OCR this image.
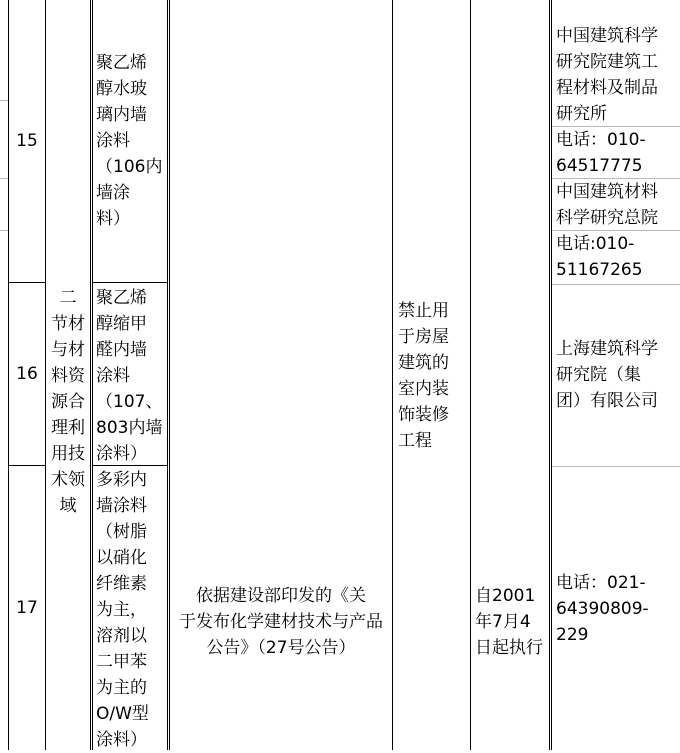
15
聚乙烯
醇水玻
璃内墙
涂料
（106内
墙涂
料）
中国建筑科学
研究院建筑工
程材料及制品
研究所
电话：010-
64517775
中国建筑材料
科学研究总院
电话:010-
51167265
16
聚乙烯
醇缩甲
醛内墙
涂料
（107、
803内墙
涂料）
上海建筑科学
研究院（集
团）有限公司
17
多彩内
墙涂料
（树脂
以硝化
纤维素
为主，
溶剂以
二甲苯
为主的
O/W型
涂料）
电话：021-
64390809-
229
二
节材
与材
料资
源合
理利
用技
术领
域
依据建设部印发的《关
于发布化学建材技术与产品
公告》（27号公告）
禁止用
于房屋
建筑的
室内装
饰装修
工程
自2001
年7月4
日起执行
